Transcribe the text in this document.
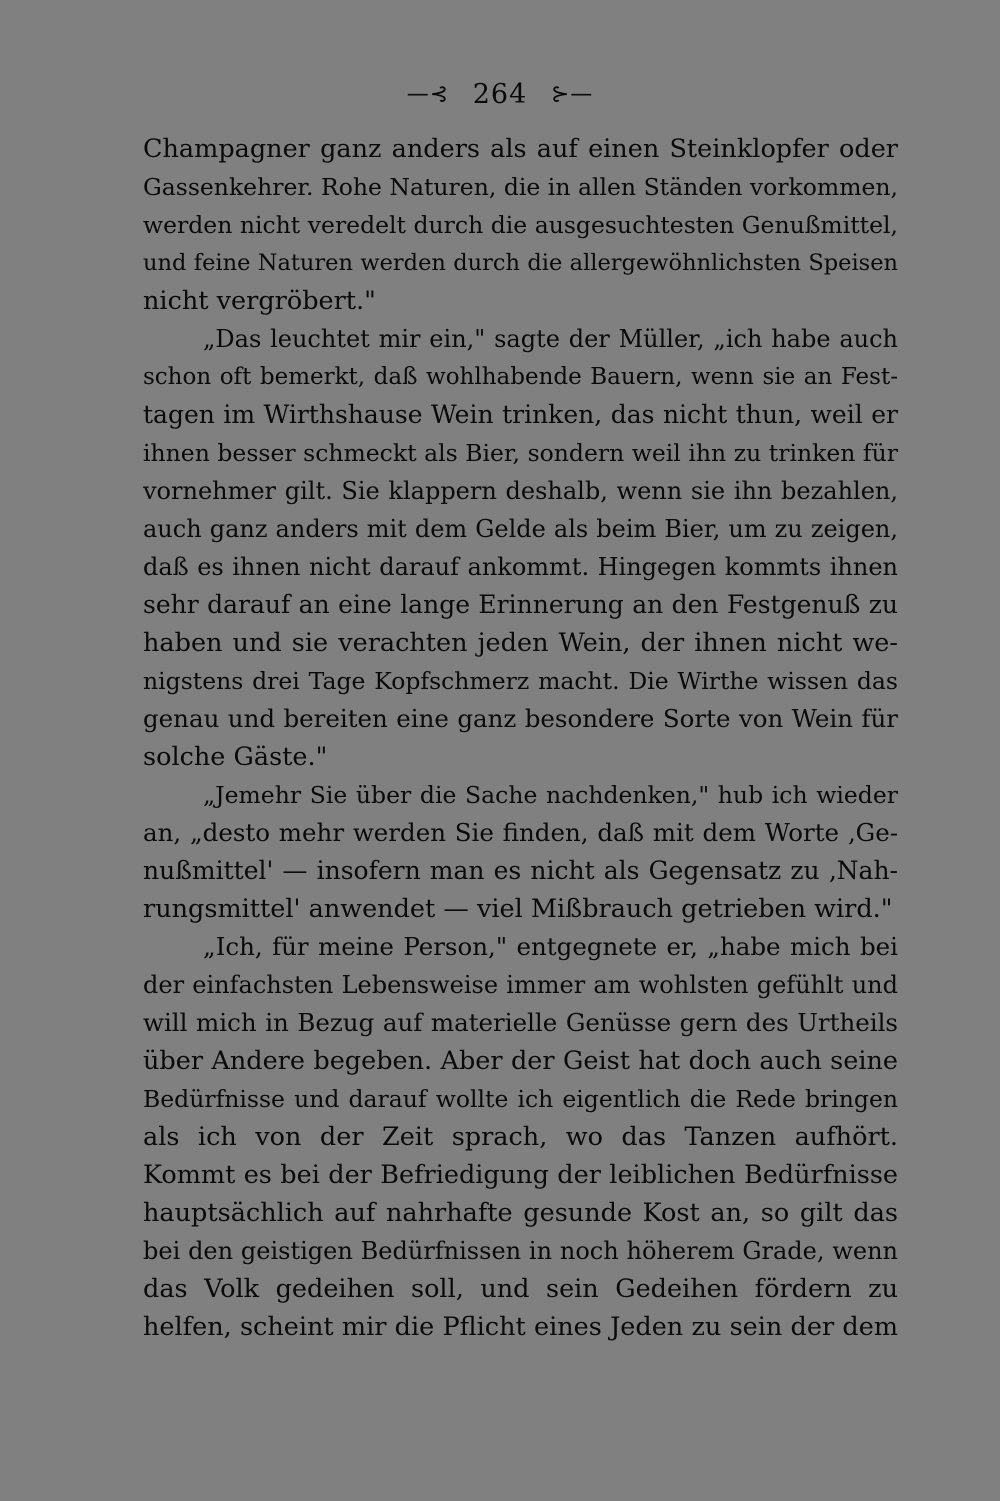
—⊰ 264 ⊱—
Champagner ganz anders als auf einen Steinklopfer oder
Gassenkehrer. Rohe Naturen, die in allen Ständen vorkommen,
werden nicht veredelt durch die ausgesuchtesten Genußmittel,
und feine Naturen werden durch die allergewöhnlichsten Speisen
nicht vergröbert."
„Das leuchtet mir ein," sagte der Müller, „ich habe auch
schon oft bemerkt, daß wohlhabende Bauern, wenn sie an Fest-
tagen im Wirthshause Wein trinken, das nicht thun, weil er
ihnen besser schmeckt als Bier, sondern weil ihn zu trinken für
vornehmer gilt. Sie klappern deshalb, wenn sie ihn bezahlen,
auch ganz anders mit dem Gelde als beim Bier, um zu zeigen,
daß es ihnen nicht darauf ankommt. Hingegen kommts ihnen
sehr darauf an eine lange Erinnerung an den Festgenuß zu
haben und sie verachten jeden Wein, der ihnen nicht we-
nigstens drei Tage Kopfschmerz macht. Die Wirthe wissen das
genau und bereiten eine ganz besondere Sorte von Wein für
solche Gäste."
„Jemehr Sie über die Sache nachdenken," hub ich wieder
an, „desto mehr werden Sie finden, daß mit dem Worte ‚Ge-
nußmittel' — insofern man es nicht als Gegensatz zu ‚Nah-
rungsmittel' anwendet — viel Mißbrauch getrieben wird."
„Ich, für meine Person," entgegnete er, „habe mich bei
der einfachsten Lebensweise immer am wohlsten gefühlt und
will mich in Bezug auf materielle Genüsse gern des Urtheils
über Andere begeben. Aber der Geist hat doch auch seine
Bedürfnisse und darauf wollte ich eigentlich die Rede bringen
als ich von der Zeit sprach, wo das Tanzen aufhört.
Kommt es bei der Befriedigung der leiblichen Bedürfnisse
hauptsächlich auf nahrhafte gesunde Kost an, so gilt das
bei den geistigen Bedürfnissen in noch höherem Grade, wenn
das Volk gedeihen soll, und sein Gedeihen fördern zu
helfen, scheint mir die Pflicht eines Jeden zu sein der dem
